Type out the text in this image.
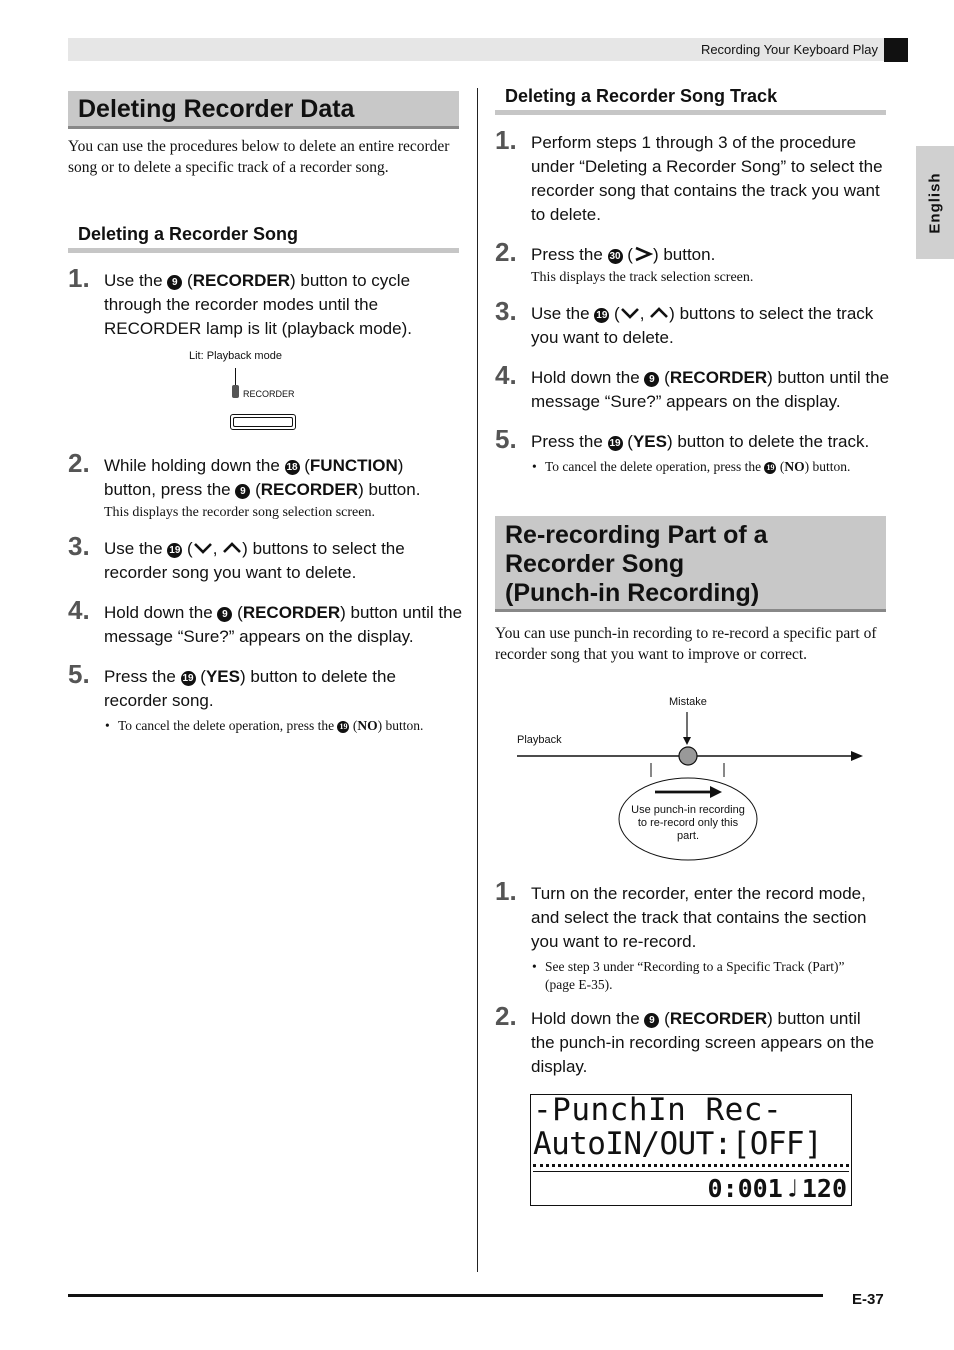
Recording Your Keyboard Play
English
Deleting Recorder Data

You can use the procedures below to delete an entire recorder song or to delete a specific track of a recorder song.

Deleting a Recorder Song
1. Use the 9 (RECORDER) button to cycle through the recorder modes until the RECORDER lamp is lit (playback mode).
Lit: Playback mode
RECORDER
2. While holding down the 18 (FUNCTION) button, press the 9 (RECORDER) button.
This displays the recorder song selection screen.
3. Use the 19 ( , ) buttons to select the recorder song you want to delete.
4. Hold down the 9 (RECORDER) button until the message “Sure?” appears on the display.
5. Press the 19 (YES) button to delete the recorder song.
• To cancel the delete operation, press the 19 (NO) button.
Deleting a Recorder Song Track
1. Perform steps 1 through 3 of the procedure under “Deleting a Recorder Song” to select the recorder song that contains the track you want to delete.
2. Press the 30 ( ) button.
This displays the track selection screen.
3. Use the 19 ( , ) buttons to select the track you want to delete.
4. Hold down the 9 (RECORDER) button until the message “Sure?” appears on the display.
5. Press the 19 (YES) button to delete the track.
• To cancel the delete operation, press the 19 (NO) button.
Re-recording Part of a
Recorder Song
(Punch-in Recording)

You can use punch-in recording to re-record a specific part of recorder song that you want to improve or correct.

Mistake
Playback
Use punch-in recording to re-record only this part.
1. Turn on the recorder, enter the record mode, and select the track that contains the section you want to re-record.
• See step 3 under “Recording to a Specific Track (Part)” (page E-35).
2. Hold down the 9 (RECORDER) button until the punch-in recording screen appears on the display.
-PunchIn Rec-
AutoIN/OUT:[OFF]
0:001♩120
E-37
